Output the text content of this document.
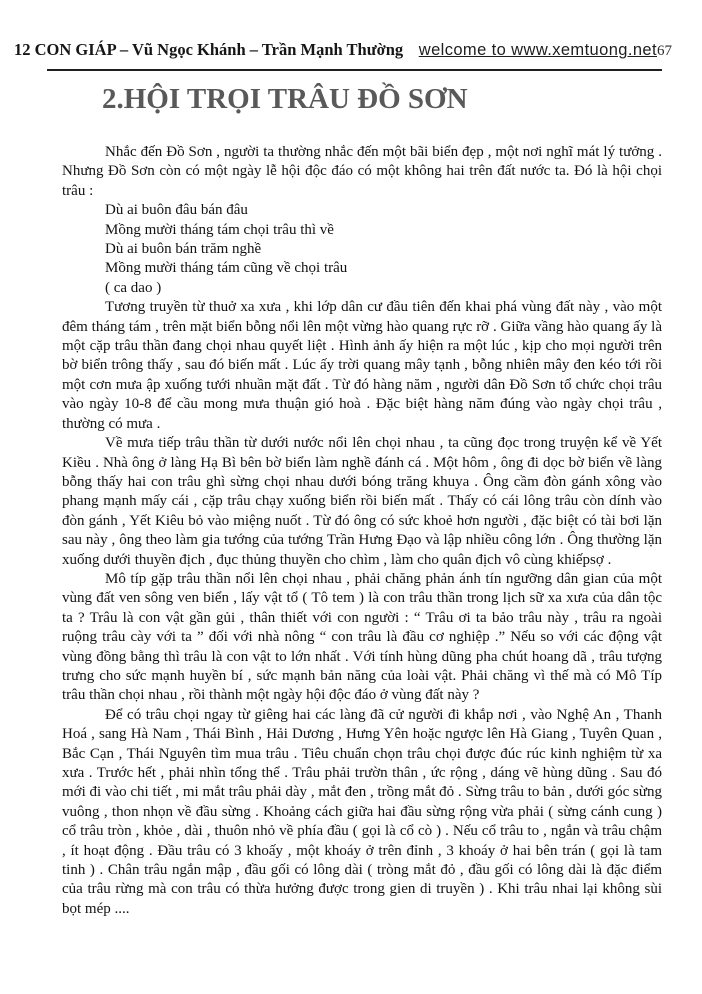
12 CON GIÁP – Vũ Ngọc Khánh – Trần Mạnh Thường welcome to www.xemtuong.net67
2.HỘI TRỌI TRÂU ĐỒ SƠN

Nhắc đến Đồ Sơn , người ta thường nhắc đến một bãi biển đẹp , một nơi nghĩ mát lý tưởng . Nhưng Đồ Sơn còn có một ngày lễ hội độc đáo có một không hai trên đất nước ta. Đó là hội chọi trâu :

Dù ai buôn đâu bán đâu
Mồng mười tháng tám chọi trâu thì về
Dù ai buôn bán trăm nghề
Mồng mười tháng tám cũng về chọi trâu
( ca dao )

Tương truyền từ thuở xa xưa , khi lớp dân cư đầu tiên đến khai phá vùng đất này , vào một đêm tháng tám , trên mặt biển bỗng nổi lên một vừng hào quang rực rỡ . Giữa vầng hào quang ấy là một cặp trâu thần đang chọi nhau quyết liệt . Hình ảnh ấy hiện ra một lúc , kịp cho mọi người trên bờ biển trông thấy , sau đó biến mất . Lúc ấy trời quang mây tạnh , bỗng nhiên mây đen kéo tới rồi một cơn mưa ập xuống tưới nhuần mặt đất . Từ đó hàng năm , người dân Đồ Sơn tổ chức chọi trâu vào ngày 10-8 để cầu mong mưa thuận gió hoà . Đặc biệt hàng năm đúng vào ngày chọi trâu , thường có mưa .

Về mưa tiếp trâu thần từ dưới nước nổi lên chọi nhau , ta cũng đọc trong truyện kể về Yết Kiều . Nhà ông ở làng Hạ Bì bên bờ biển làm nghề đánh cá . Một hôm , ông đi dọc bờ biển về làng bỗng thấy hai con trâu ghì sừng chọi nhau dưới bóng trăng khuya . Ông cầm đòn gánh xông vào phang mạnh mấy cái , cặp trâu chạy xuống biển rồi biến mất . Thấy có cái lông trâu còn dính vào đòn gánh , Yết Kiêu bỏ vào miệng nuốt . Từ đó ông có sức khoẻ hơn người , đặc biệt có tài bơi lặn sau này , ông theo làm gia tướng của tướng Trần Hưng Đạo và lập nhiều công lớn . Ông thường lặn xuống dưới thuyền địch , đục thủng thuyền cho chìm , làm cho quân địch vô cùng khiếpsợ .

Mô típ gặp trâu thần nổi lên chọi nhau , phải chăng phản ánh tín ngưỡng dân gian của một vùng đất ven sông ven biển , lấy vật tổ ( Tô tem ) là con trâu thần trong lịch sữ xa xưa của dân tộc ta ? Trâu là con vật gần gủi , thân thiết với con người : “ Trâu ơi ta bảo trâu này , trâu ra ngoài ruộng trâu cày với ta ” đối với nhà nông “ con trâu là đầu cơ nghiệp .” Nếu so với các động vật vùng đồng bằng thì trâu là con vật to lớn nhất . Với tính hùng dũng pha chút hoang dã , trâu tượng trưng cho sức mạnh huyền bí , sức mạnh bản năng của loài vật. Phải chăng vì thế mà có Mô Típ trâu thần chọi nhau , rồi thành một ngày hội độc đáo ở vùng đất này ?

Để có trâu chọi ngay từ giêng hai các làng đã cử người đi khắp nơi , vào Nghệ An , Thanh Hoá , sang Hà Nam , Thái Bình , Hải Dương , Hưng Yên hoặc ngược lên Hà Giang , Tuyên Quan , Bắc Cạn , Thái Nguyên tìm mua trâu . Tiêu chuẩn chọn trâu chọi được đúc rúc kinh nghiệm từ xa xưa . Trước hết , phải nhìn tổng thể . Trâu phải trườn thân , ức rộng , dáng vẽ hùng dũng . Sau đó mới đi vào chi tiết , mi mắt trâu phải dày , mắt đen , trồng mắt đỏ . Sừng trâu to bản , dưới góc sừng vuông , thon nhọn về đầu sừng . Khoảng cách giữa hai đầu sừng rộng vừa phải ( sừng cánh cung ) cổ trâu tròn , khỏe , dài , thuôn nhỏ về phía đầu ( gọi là cổ cò ) . Nếu cổ trâu to , ngắn và trâu chậm , ít hoạt động . Đầu trâu có 3 khoấy , một khoáy ở trên đỉnh , 3 khoáy ở hai bên trán ( gọi là tam tinh ) . Chân trâu ngắn mập , đầu gối có lông dài ( tròng mắt đỏ , đầu gối có lông dài là đặc điểm của trâu rừng mà con trâu có thừa hưởng được trong gien di truyền ) . Khi trâu nhai lại không sùi bọt mép ....
